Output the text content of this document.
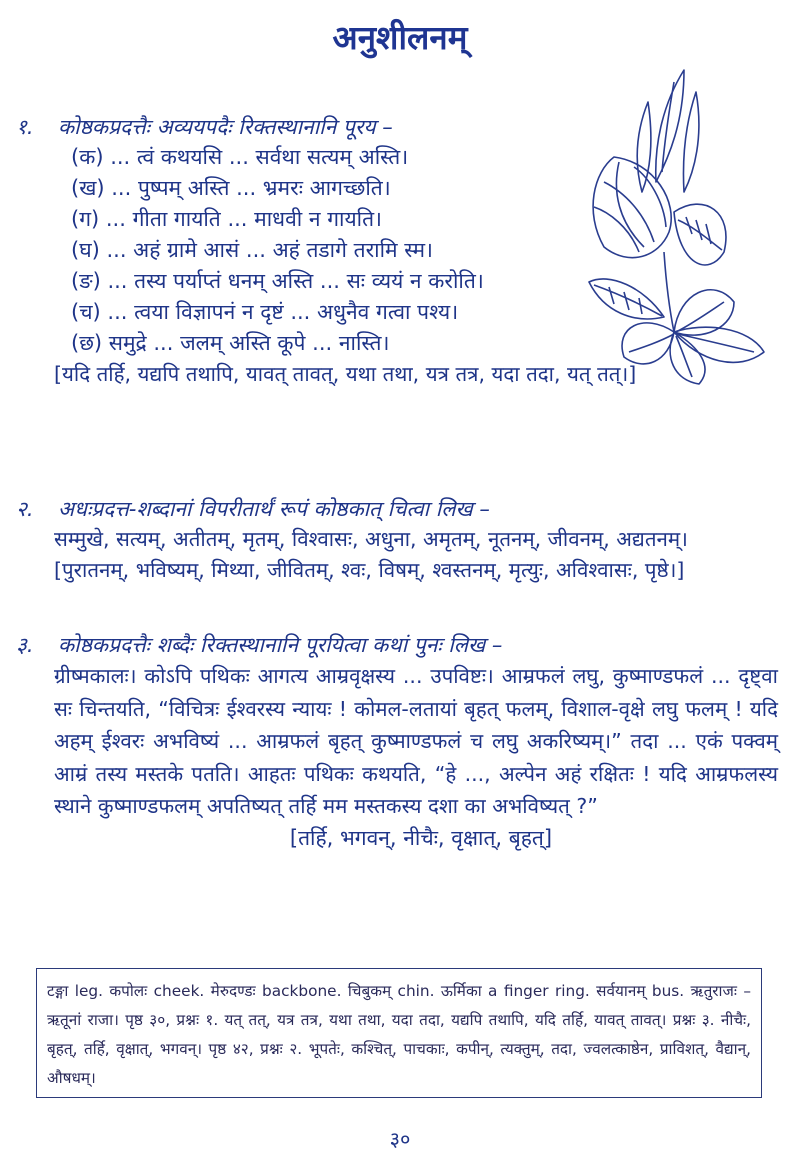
अनुशीलनम्
१. कोष्ठकप्रदत्तैः अव्ययपदैः रिक्तस्थानानि पूरय –
(क) ... त्वं कथयसि ... सर्वथा सत्यम् अस्ति।
(ख) ... पुष्पम् अस्ति ... भ्रमरः आगच्छति।
(ग) ... गीता गायति ... माधवी न गायति।
(घ) ... अहं ग्रामे आसं ... अहं तडागे तरामि स्म।
(ङ) ... तस्य पर्याप्तं धनम् अस्ति ... सः व्ययं न करोति।
(च) ... त्वया विज्ञापनं न दृष्टं ... अधुनैव गत्वा पश्य।
(छ) समुद्रे ... जलम् अस्ति कूपे ... नास्ति।
[यदि तर्हि, यद्यपि तथापि, यावत् तावत्, यथा तथा, यत्र तत्र, यदा तदा, यत् तत्।]
२. अधःप्रदत्त-शब्दानां विपरीतार्थं रूपं कोष्ठकात् चित्वा लिख –
सम्मुखे, सत्यम्, अतीतम्, मृतम्, विश्वासः, अधुना, अमृतम्, नूतनम्, जीवनम्, अद्यतनम्।
[पुरातनम्, भविष्यम्, मिथ्या, जीवितम्, श्वः, विषम्, श्वस्तनम्, मृत्युः, अविश्वासः, पृष्ठे।]
३. कोष्ठकप्रदत्तैः शब्दैः रिक्तस्थानानि पूरयित्वा कथां पुनः लिख –
ग्रीष्मकालः। कोऽपि पथिकः आगत्य आम्रवृक्षस्य ... उपविष्टः। आम्रफलं लघु, कुष्माण्डफलं ... दृष्ट्वा सः चिन्तयति, “विचित्रः ईश्वरस्य न्यायः ! कोमल-लतायां बृहत् फलम्, विशाल-वृक्षे लघु फलम् ! यदि अहम् ईश्वरः अभविष्यं ... आम्रफलं बृहत् कुष्माण्डफलं च लघु अकरिष्यम्।” तदा ... एकं पक्वम् आम्रं तस्य मस्तके पतति। आहतः पथिकः कथयति, “हे ..., अल्पेन अहं रक्षितः ! यदि आम्रफलस्य स्थाने कुष्माण्डफलम् अपतिष्यत् तर्हि मम मस्तकस्य दशा का अभविष्यत् ?”
[तर्हि, भगवन्, नीचैः, वृक्षात्, बृहत्]
टङ्गा leg. कपोलः cheek. मेरुदण्डः backbone. चिबुकम् chin. ऊर्मिका a finger ring. सर्वयानम् bus. ऋतुराजः – ऋतूनां राजा। पृष्ठ ३०, प्रश्नः १. यत् तत्, यत्र तत्र, यथा तथा, यदा तदा, यद्यपि तथापि, यदि तर्हि, यावत् तावत्। प्रश्नः ३. नीचैः, बृहत्, तर्हि, वृक्षात्, भगवन्। पृष्ठ ४२, प्रश्नः २. भूपतेः, कश्चित्, पाचकाः, कपीन्, त्यक्तुम्, तदा, ज्वलत्काष्ठेन, प्राविशत्, वैद्यान्, औषधम्।
३०
